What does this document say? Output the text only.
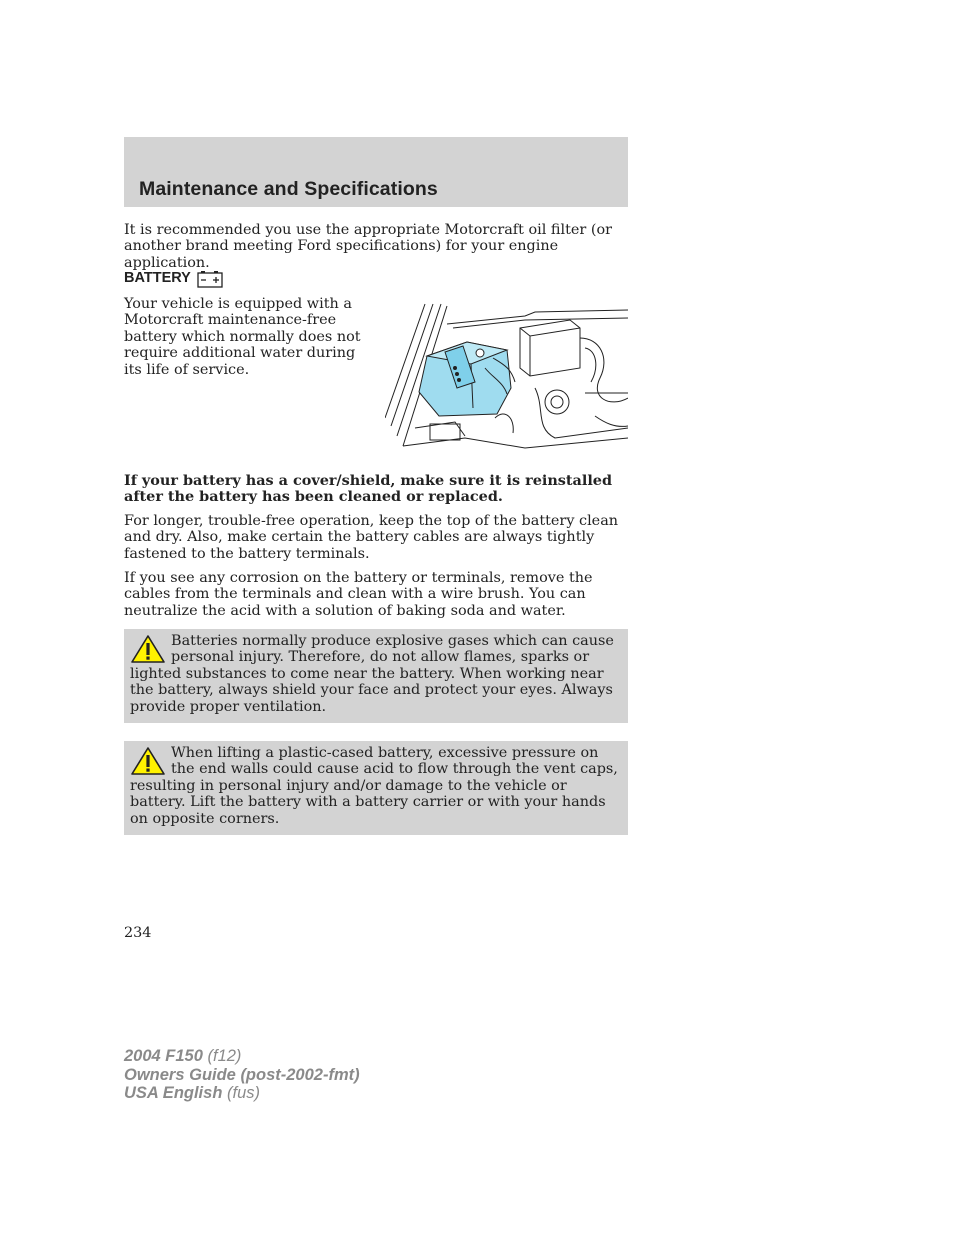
Maintenance and Specifications

It is recommended you use the appropriate Motorcraft oil filter (or another brand meeting Ford specifications) for your engine application.

BATTERY
Your vehicle is equipped with a Motorcraft maintenance-free battery which normally does not require additional water during its life of service.

If your battery has a cover/shield, make sure it is reinstalled after the battery has been cleaned or replaced.

For longer, trouble-free operation, keep the top of the battery clean and dry. Also, make certain the battery cables are always tightly fastened to the battery terminals.

If you see any corrosion on the battery or terminals, remove the cables from the terminals and clean with a wire brush. You can neutralize the acid with a solution of baking soda and water.

Batteries normally produce explosive gases which can cause personal injury. Therefore, do not allow flames, sparks or lighted substances to come near the battery. When working near the battery, always shield your face and protect your eyes. Always provide proper ventilation.

When lifting a plastic-cased battery, excessive pressure on the end walls could cause acid to flow through the vent caps, resulting in personal injury and/or damage to the vehicle or battery. Lift the battery with a battery carrier or with your hands on opposite corners.

234
2004 F150 (f12)
Owners Guide (post-2002-fmt)
USA English (fus)
